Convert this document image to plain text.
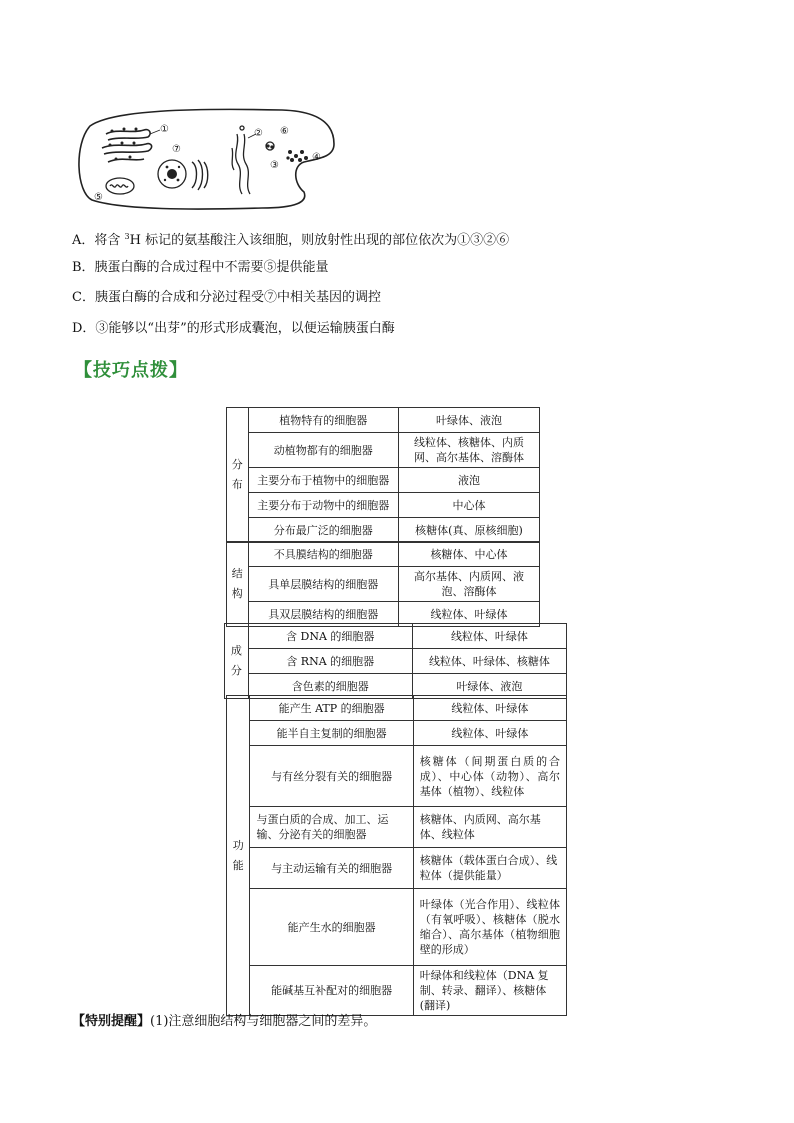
①
⑦
⑤
②
③
⑥
④
A．将含 $^3$H 标记的氨基酸注入该细胞，则放射性出现的部位依次为①③②⑥
B．胰蛋白酶的合成过程中不需要⑤提供能量
C．胰蛋白酶的合成和分泌过程受⑦中相关基因的调控
D．③能够以“出芽”的形式形成囊泡，以便运输胰蛋白酶
【技巧点拨】
分布	植物特有的细胞器	叶绿体、液泡
	动植物都有的细胞器	线粒体、核糖体、内质网、高尔基体、溶酶体
	主要分布于植物中的细胞器	液泡
	主要分布于动物中的细胞器	中心体
	分布最广泛的细胞器	核糖体(真、原核细胞)
结构	不具膜结构的细胞器	核糖体、中心体
	具单层膜结构的细胞器	高尔基体、内质网、液泡、溶酶体
	具双层膜结构的细胞器	线粒体、叶绿体
成分	含 DNA 的细胞器	线粒体、叶绿体
	含 RNA 的细胞器	线粒体、叶绿体、核糖体
	含色素的细胞器	叶绿体、液泡
功能	能产生 ATP 的细胞器	线粒体、叶绿体
	能半自主复制的细胞器	线粒体、叶绿体
	与有丝分裂有关的细胞器	核糖体（间期蛋白质的合成）、中心体（动物）、高尔基体（植物）、线粒体
	与蛋白质的合成、加工、运输、分泌有关的细胞器	核糖体、内质网、高尔基体、线粒体
	与主动运输有关的细胞器	核糖体（载体蛋白合成）、线粒体（提供能量）
	能产生水的细胞器	叶绿体（光合作用）、线粒体（有氧呼吸）、核糖体（脱水缩合）、高尔基体（植物细胞壁的形成）
	能碱基互补配对的细胞器	叶绿体和线粒体（DNA 复制、转录、翻译）、核糖体(翻译)
【特别提醒】(1)注意细胞结构与细胞器之间的差异。
